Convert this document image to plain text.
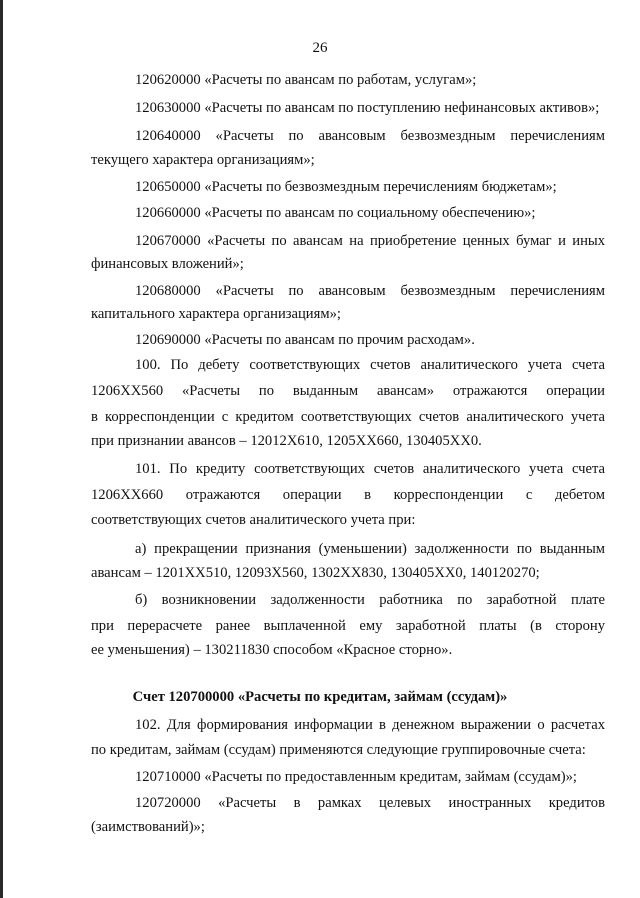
26
120620000 «Расчеты по авансам по работам, услугам»;
120630000 «Расчеты по авансам по поступлению нефинансовых активов»;
120640000 «Расчеты по авансовым безвозмездным перечислениям
текущего характера организациям»;
120650000 «Расчеты по безвозмездным перечислениям бюджетам»;
120660000 «Расчеты по авансам по социальному обеспечению»;
120670000 «Расчеты по авансам на приобретение ценных бумаг и иных
финансовых вложений»;
120680000 «Расчеты по авансовым безвозмездным перечислениям
капитального характера организациям»;
120690000 «Расчеты по авансам по прочим расходам».
100. По дебету соответствующих счетов аналитического учета счета
1206ХХ560 «Расчеты по выданным авансам» отражаются операции
в корреспонденции с кредитом соответствующих счетов аналитического учета
при признании авансов – 12012Х610, 1205ХХ660, 130405ХХ0.
101. По кредиту соответствующих счетов аналитического учета счета
1206ХХ660 отражаются операции в корреспонденции с дебетом
соответствующих счетов аналитического учета при:
а) прекращении признания (уменьшении) задолженности по выданным
авансам – 1201ХХ510, 12093Х560, 1302ХХ830, 130405ХХ0, 140120270;
б) возникновении задолженности работника по заработной плате
при перерасчете ранее выплаченной ему заработной платы (в сторону
ее уменьшения) – 130211830 способом «Красное сторно».
Счет 120700000 «Расчеты по кредитам, займам (ссудам)»
102. Для формирования информации в денежном выражении о расчетах
по кредитам, займам (ссудам) применяются следующие группировочные счета:
120710000 «Расчеты по предоставленным кредитам, займам (ссудам)»;
120720000 «Расчеты в рамках целевых иностранных кредитов
(заимствований)»;
